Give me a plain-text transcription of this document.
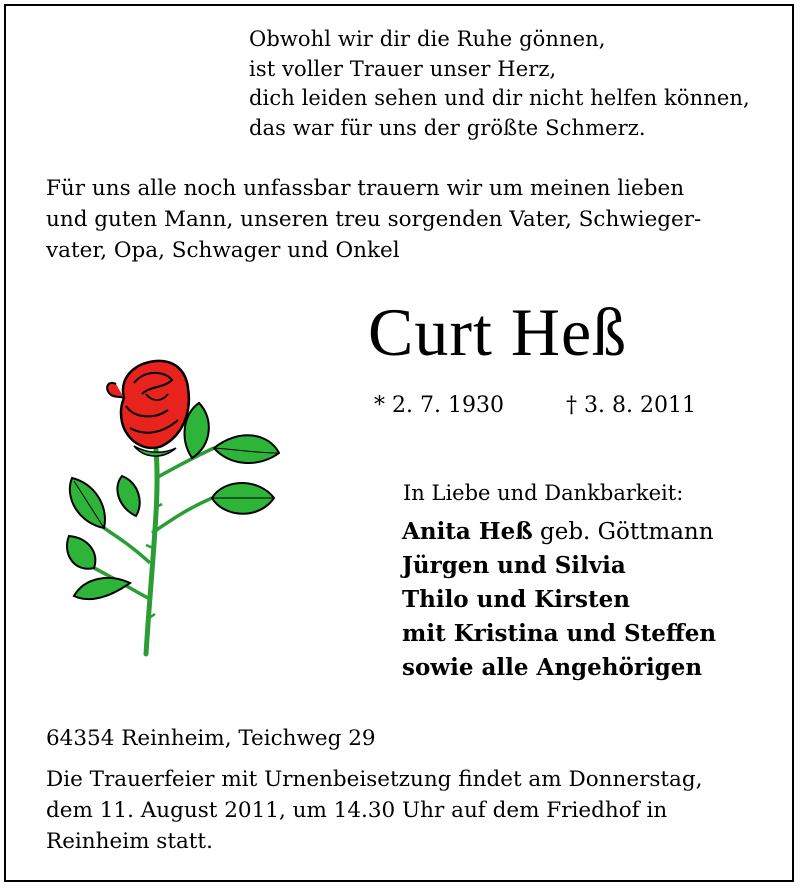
Obwohl wir dir die Ruhe gönnen,
ist voller Trauer unser Herz,
dich leiden sehen und dir nicht helfen können,
das war für uns der größte Schmerz.
Für uns alle noch unfassbar trauern wir um meinen lieben
und guten Mann, unseren treu sorgenden Vater, Schwieger-
vater, Opa, Schwager und Onkel
Curt Heß
* 2. 7. 1930	† 3. 8. 2011
In Liebe und Dankbarkeit:
Anita Heß geb. Göttmann
Jürgen und Silvia
Thilo und Kirsten
mit Kristina und Steffen
sowie alle Angehörigen
64354 Reinheim, Teichweg 29
Die Trauerfeier mit Urnenbeisetzung findet am Donnerstag,
dem 11. August 2011, um 14.30 Uhr auf dem Friedhof in
Reinheim statt.
